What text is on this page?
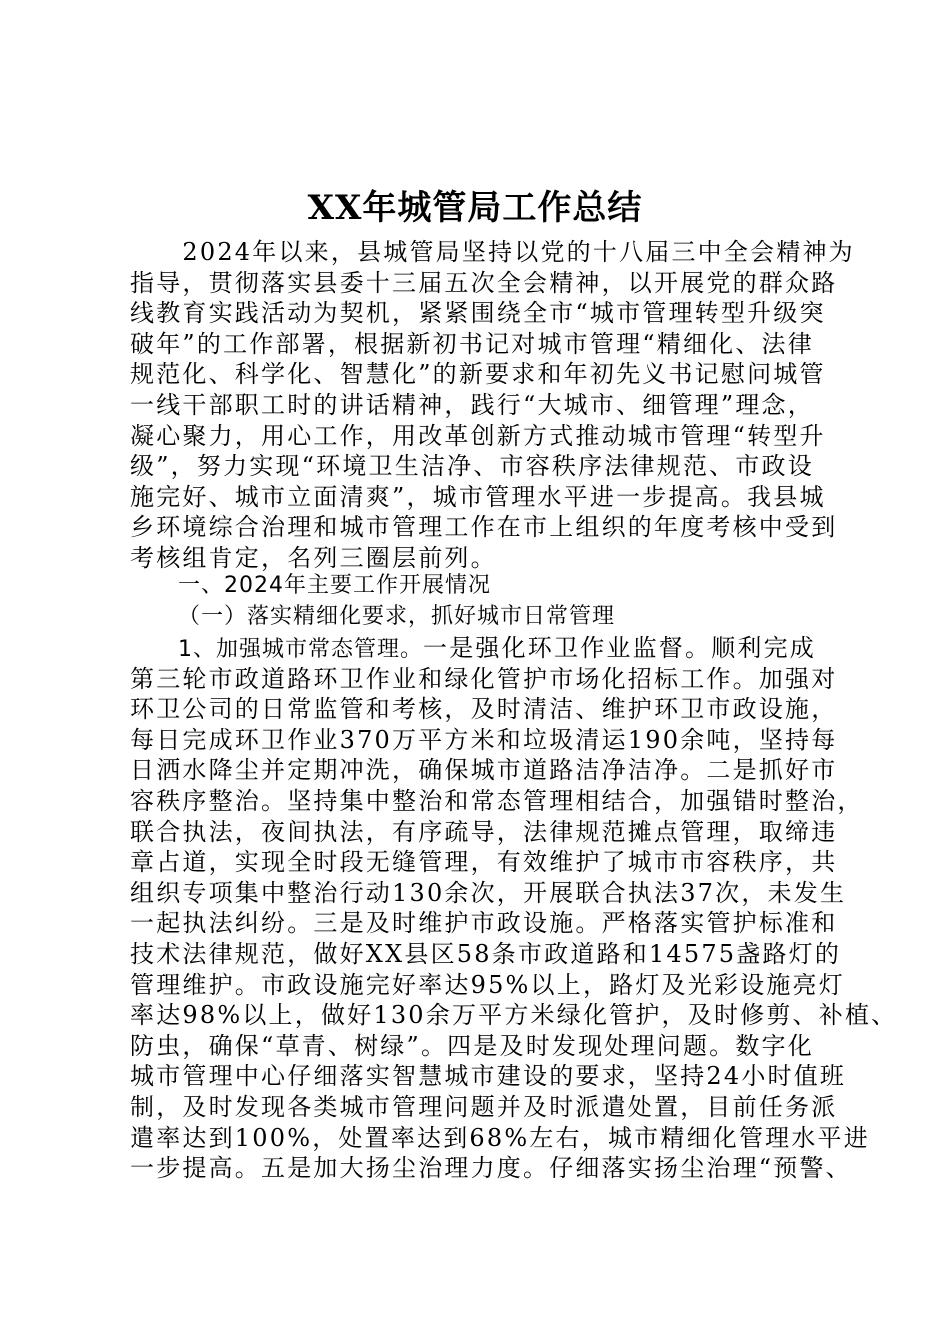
XX年城管局工作总结
　　2024年以来，县城管局坚持以党的十八届三中全会精神为
指导，贯彻落实县委十三届五次全会精神，以开展党的群众路
线教育实践活动为契机，紧紧围绕全市“城市管理转型升级突
破年”的工作部署，根据新初书记对城市管理“精细化、法律
规范化、科学化、智慧化”的新要求和年初先义书记慰问城管
一线干部职工时的讲话精神，践行“大城市、细管理”理念，
凝心聚力，用心工作，用改革创新方式推动城市管理“转型升
级”，努力实现“环境卫生洁净、市容秩序法律规范、市政设
施完好、城市立面清爽”，城市管理水平进一步提高。我县城
乡环境综合治理和城市管理工作在市上组织的年度考核中受到
考核组肯定，名列三圈层前列。
一、2024年主要工作开展情况
（一）落实精细化要求，抓好城市日常管理
1、加强城市常态管理。一是强化环卫作业监督。顺利完成
第三轮市政道路环卫作业和绿化管护市场化招标工作。加强对
环卫公司的日常监管和考核，及时清洁、维护环卫市政设施，
每日完成环卫作业370万平方米和垃圾清运190余吨，坚持每
日洒水降尘并定期冲洗，确保城市道路洁净洁净。二是抓好市
容秩序整治。坚持集中整治和常态管理相结合，加强错时整治，
联合执法，夜间执法，有序疏导，法律规范摊点管理，取缔违
章占道，实现全时段无缝管理，有效维护了城市市容秩序，共
组织专项集中整治行动130余次，开展联合执法37次，未发生
一起执法纠纷。三是及时维护市政设施。严格落实管护标准和
技术法律规范，做好XX县区58条市政道路和14575盏路灯的
管理维护。市政设施完好率达95%以上，路灯及光彩设施亮灯
率达98%以上，做好130余万平方米绿化管护，及时修剪、补植、
防虫，确保“草青、树绿”。四是及时发现处理问题。数字化
城市管理中心仔细落实智慧城市建设的要求，坚持24小时值班
制，及时发现各类城市管理问题并及时派遣处置，目前任务派
遣率达到100%，处置率达到68%左右，城市精细化管理水平进
一步提高。五是加大扬尘治理力度。仔细落实扬尘治理“预警、
